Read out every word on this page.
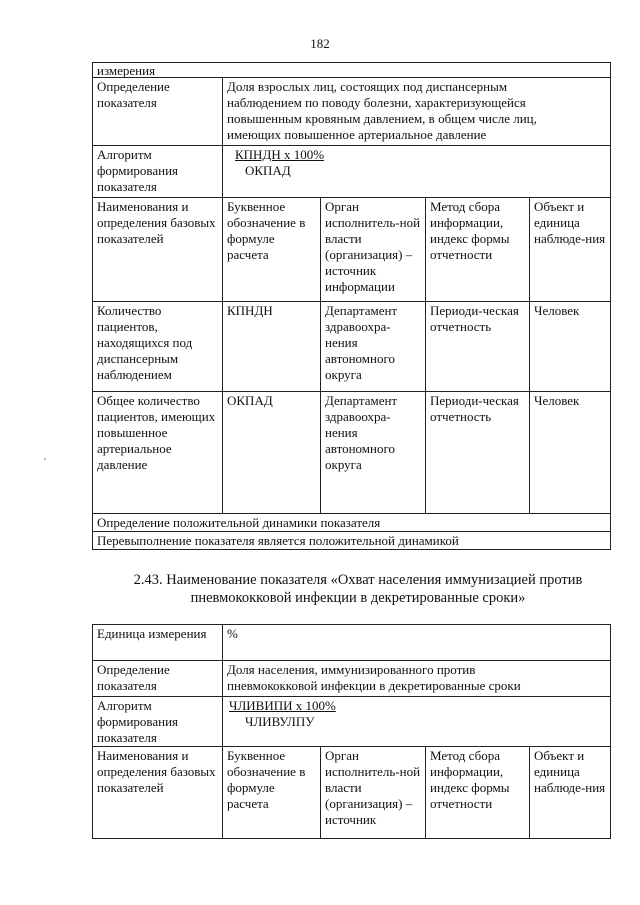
182
измерения				
Определение показателя	Доля взрослых лиц, состоящих под диспансерным
наблюдением по поводу болезни, характеризующейся
повышенным кровяным давлением, в общем числе лиц,
имеющих повышенное артериальное давление			

Алгоритм формирования показателя	КПНДН х 100%
ОКПАД			

Наименования и определения базовых показателей	Буквенное обозначение в формуле расчета	Орган исполнитель-ной власти (организация) – источник информации	Метод сбора информации, индекс формы отчетности	Объект и единица наблюде-ния
Количество пациентов, находящихся под диспансерным наблюдением	КПНДН	Департамент здравоохра-нения автономного округа	Периоди-ческая отчетность	Человек
Общее количество пациентов, имеющих повышенное артериальное давление	ОКПАД	Департамент здравоохра-нения автономного округа	Периоди-ческая отчетность	Человек
Определение положительной динамики показателя				
Перевыполнение показателя является положительной динамикой				
2.43. Наименование показателя «Охват населения иммунизацией против
пневмококковой инфекции в декретированные сроки»
Единица измерения	%			
Определение показателя	Доля населения, иммунизированного против
пневмококковой инфекции в декретированные сроки			

Алгоритм формирования показателя	ЧЛИВИПИ х 100%
ЧЛИВУЛПУ			

Наименования и определения базовых показателей	Буквенное обозначение в формуле расчета	Орган исполнитель-ной власти (организация) – источник	Метод сбора информации, индекс формы отчетности	Объект и единица наблюде-ния
